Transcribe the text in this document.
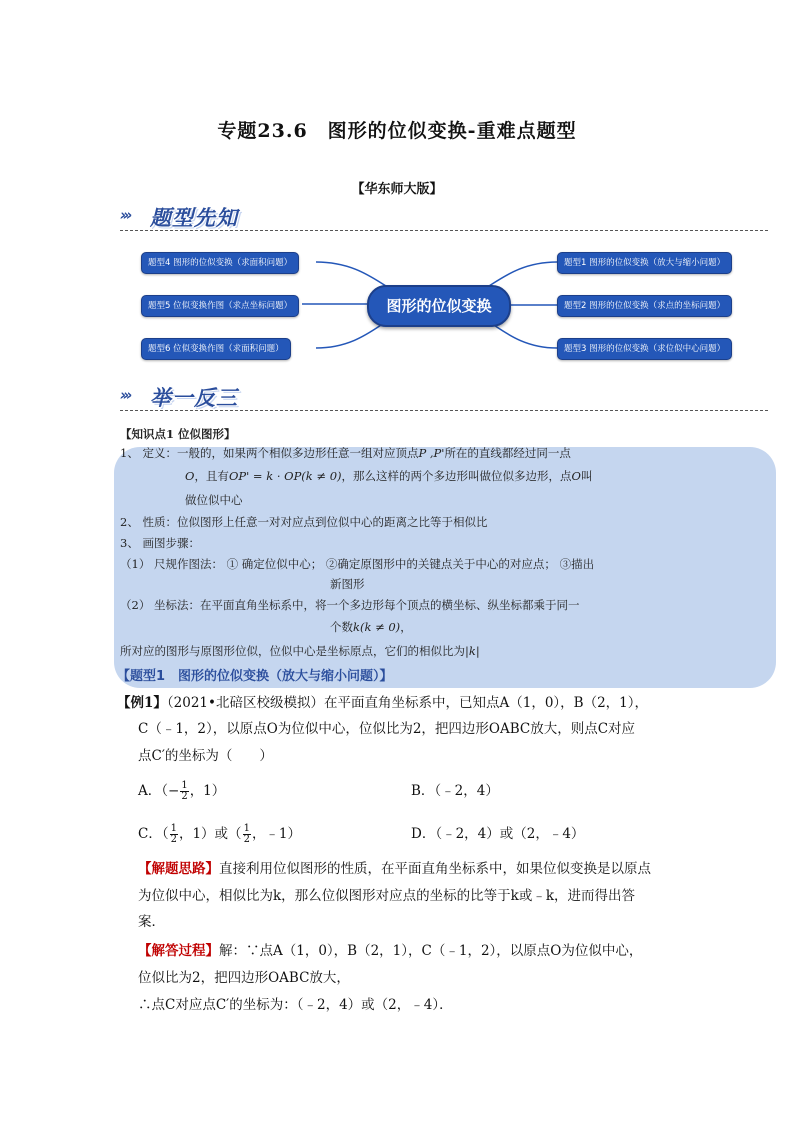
专题23.6　图形的位似变换-重难点题型
【华东师大版】
››› 题型先知
题型4 图形的位似变换（求面积问题）
题型5 位似变换作图（求点坐标问题）
题型6 位似变换作图（求面积问题）
题型1 图形的位似变换（放大与缩小问题）
题型2 图形的位似变换（求点的坐标问题）
题型3 图形的位似变换（求位似中心问题）
图形的位似变换
››› 举一反三
【知识点1 位似图形】
1、 定义：一般的，如果两个相似多边形任意一组对应顶点P ,P'所在的直线都经过同一点
O，且有OP' = k · OP(k ≠ 0)，那么这样的两个多边形叫做位似多边形，点O叫
做位似中心
2、 性质：位似图形上任意一对对应点到位似中心的距离之比等于相似比
3、 画图步骤：
（1） 尺规作图法： ① 确定位似中心； ②确定原图形中的关键点关于中心的对应点； ③描出
新图形
（2） 坐标法：在平面直角坐标系中，将一个多边形每个顶点的横坐标、纵坐标都乘于同一
个数k(k ≠ 0)，
所对应的图形与原图形位似，位似中心是坐标原点，它们的相似比为|k|
【题型1　图形的位似变换（放大与缩小问题）】
【例1】（2021•北碚区校级模拟）在平面直角坐标系中，已知点A（1，0），B（2，1），
C（﹣1，2），以原点O为位似中心，位似比为2，把四边形OABC放大，则点C对应
点C′的坐标为（　　）
A．（− $\frac{1}{2}$ ，1）	B．（﹣2，4）
C．（ $\frac{1}{2}$ ，1）或（ $\frac{1}{2}$ ，﹣1）	D．（﹣2，4）或（2，﹣4）
【解题思路】直接利用位似图形的性质，在平面直角坐标系中，如果位似变换是以原点
为位似中心，相似比为k，那么位似图形对应点的坐标的比等于k或﹣k，进而得出答
案．
【解答过程】解：∵点A（1，0），B（2，1），C（﹣1，2），以原点O为位似中心，
位似比为2，把四边形OABC放大，
∴点C对应点C′的坐标为：（﹣2，4）或（2，﹣4）．
